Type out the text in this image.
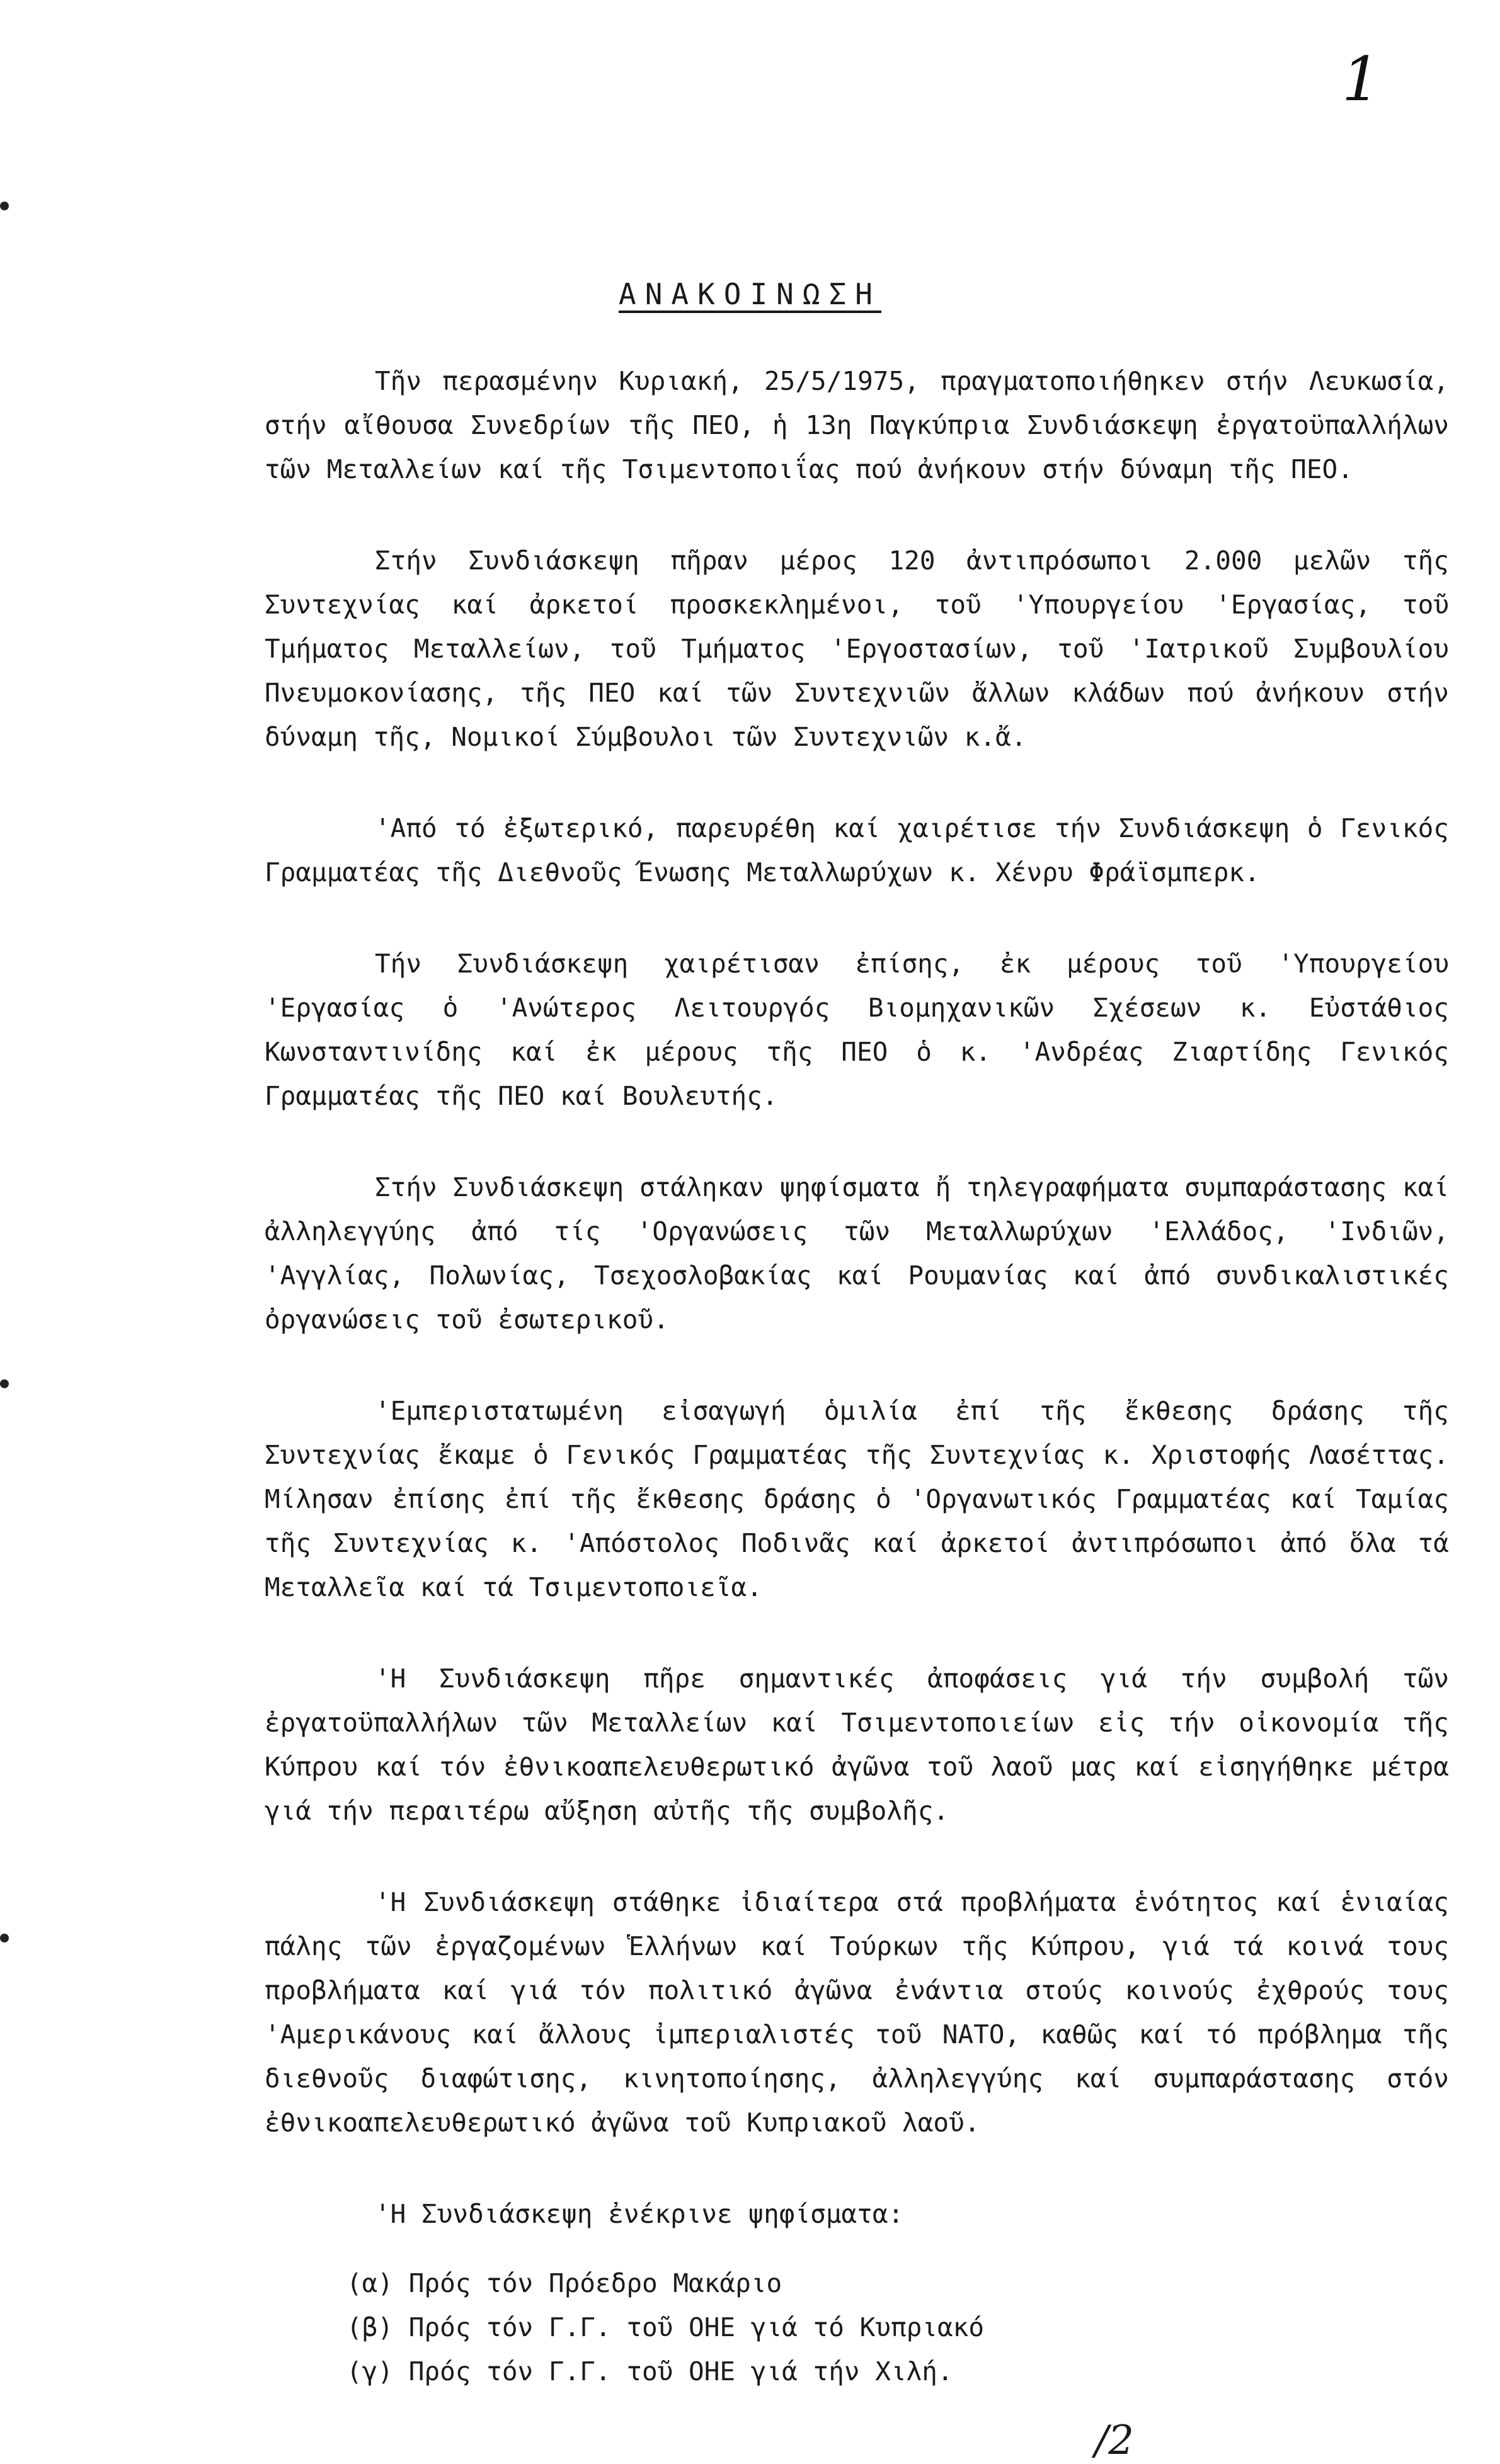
1
ΑΝΑΚΟΙΝΩΣΗ

Τῆν περασμένην Κυριακή, 25/5/1975, πραγματοποιήθηκεν στήν Λευκωσία, στήν αἴθουσα Συνεδρίων τῆς ΠΕΟ, ἡ 13η Παγκύπρια Συνδιάσκεψη ἐργατοϋπαλλήλων τῶν Μεταλλείων καί τῆς Τσιμεντοποιΐας πού ἀνήκουν στήν δύναμη τῆς ΠΕΟ.

Στήν Συνδιάσκεψη πῆραν μέρος 120 ἀντιπρόσωποι 2.000 μελῶν τῆς Συντεχνίας καί ἀρκετοί προσκεκλημένοι, τοῦ 'Υπουργείου 'Εργασίας, τοῦ Τμήματος Μεταλλείων, τοῦ Τμήματος 'Εργοστασίων, τοῦ 'Ιατρικοῦ Συμβουλίου Πνευμοκονίασης, τῆς ΠΕΟ καί τῶν Συντεχνιῶν ἄλλων κλάδων πού ἀνήκουν στήν δύναμη τῆς, Νομικοί Σύμβουλοι τῶν Συντεχνιῶν κ.ἄ.

'Από τό ἐξωτερικό, παρευρέθη καί χαιρέτισε τήν Συνδιάσκεψη ὁ Γενικός Γραμματέας τῆς Διεθνοῦς Ένωσης Μεταλλωρύχων κ. Χένρυ Φράϊσμπερκ.

Τήν Συνδιάσκεψη χαιρέτισαν ἐπίσης, ἐκ μέρους τοῦ 'Υπουργείου 'Εργασίας ὁ 'Ανώτερος Λειτουργός Βιομηχανικῶν Σχέσεων κ. Εὐστάθιος Κωνσταντινίδης καί ἐκ μέρους τῆς ΠΕΟ ὁ κ. 'Ανδρέας Ζιαρτίδης Γενικός Γραμματέας τῆς ΠΕΟ καί Βουλευτής.

Στήν Συνδιάσκεψη στάληκαν ψηφίσματα ἤ τηλεγραφήματα συμπαράστασης καί ἀλληλεγγύης ἀπό τίς 'Οργανώσεις τῶν Μεταλλωρύχων 'Ελλάδος, 'Ινδιῶν, 'Αγγλίας, Πολωνίας, Τσεχοσλοβακίας καί Ρουμανίας καί ἀπό συνδικαλιστικές ὀργανώσεις τοῦ ἐσωτερικοῦ.

'Εμπεριστατωμένη εἰσαγωγή ὁμιλία ἐπί τῆς ἔκθεσης δράσης τῆς Συντεχνίας ἔκαμε ὁ Γενικός Γραμματέας τῆς Συντεχνίας κ. Χριστοφής Λασέττας. Μίλησαν ἐπίσης ἐπί τῆς ἔκθεσης δράσης ὁ 'Οργανωτικός Γραμματέας καί Ταμίας τῆς Συντεχνίας κ. 'Απόστολος Ποδινᾶς καί ἀρκετοί ἀντιπρόσωποι ἀπό ὅλα τά Μεταλλεῖα καί τά Τσιμεντοποιεῖα.

'Η Συνδιάσκεψη πῆρε σημαντικές ἀποφάσεις γιά τήν συμβολή τῶν ἐργατοϋπαλλήλων τῶν Μεταλλείων καί Τσιμεντοποιείων εἰς τήν οἰκονομία τῆς Κύπρου καί τόν ἐθνικοαπελευθερωτικό ἀγῶνα τοῦ λαοῦ μας καί εἰσηγήθηκε μέτρα γιά τήν περαιτέρω αὔξηση αὐτῆς τῆς συμβολῆς.

'Η Συνδιάσκεψη στάθηκε ἰδιαίτερα στά προβλήματα ἑνότητος καί ἑνιαίας πάλης τῶν ἐργαζομένων Ἑλλήνων καί Τούρκων τῆς Κύπρου, γιά τά κοινά τους προβλήματα καί γιά τόν πολιτικό ἀγῶνα ἐνάντια στούς κοινούς ἐχθρούς τους 'Αμερικάνους καί ἄλλους ἰμπεριαλιστές τοῦ ΝΑΤΟ, καθῶς καί τό πρόβλημα τῆς διεθνοῦς διαφώτισης, κινητοποίησης, ἀλληλεγγύης καί συμπαράστασης στόν ἐθνικοαπελευθερωτικό ἀγῶνα τοῦ Κυπριακοῦ λαοῦ.

'Η Συνδιάσκεψη ἐνέκρινε ψηφίσματα:

(α) Πρός τόν Πρόεδρο Μακάριο
(β) Πρός τόν Γ.Γ. τοῦ ΟΗΕ γιά τό Κυπριακό
(γ) Πρός τόν Γ.Γ. τοῦ ΟΗΕ γιά τήν Χιλή.
/2
